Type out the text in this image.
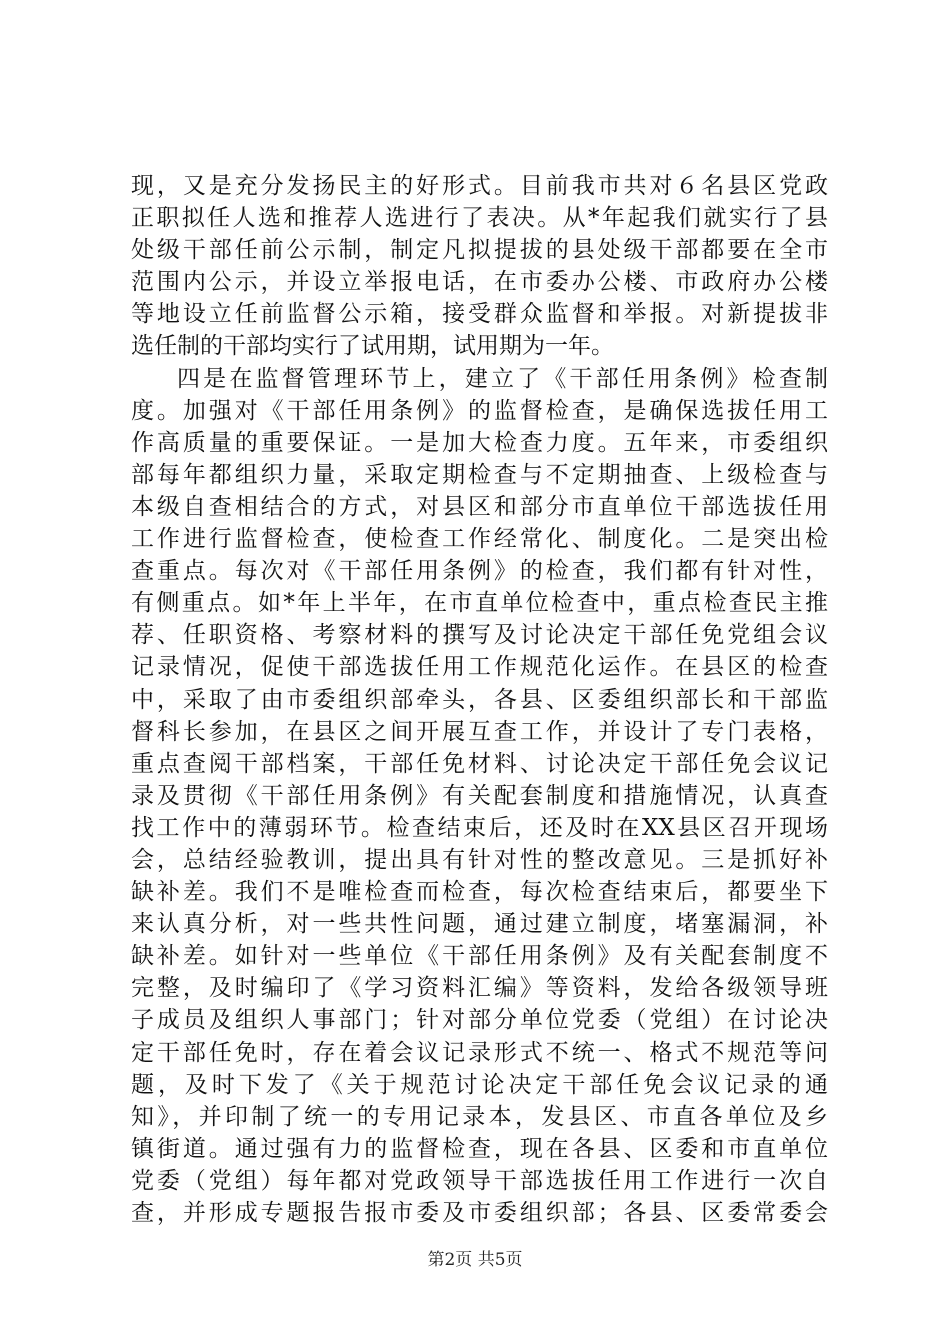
现，又是充分发扬民主的好形式。目前我市共对６名县区党政
正职拟任人选和推荐人选进行了表决。从*年起我们就实行了县
处级干部任前公示制，制定凡拟提拔的县处级干部都要在全市
范围内公示，并设立举报电话，在市委办公楼、市政府办公楼
等地设立任前监督公示箱，接受群众监督和举报。对新提拔非
选任制的干部均实行了试用期，试用期为一年。
四是在监督管理环节上，建立了《干部任用条例》检查制
度。加强对《干部任用条例》的监督检查，是确保选拔任用工
作高质量的重要保证。一是加大检查力度。五年来，市委组织
部每年都组织力量，采取定期检查与不定期抽查、上级检查与
本级自查相结合的方式，对县区和部分市直单位干部选拔任用
工作进行监督检查，使检查工作经常化、制度化。二是突出检
查重点。每次对《干部任用条例》的检查，我们都有针对性，
有侧重点。如*年上半年，在市直单位检查中，重点检查民主推
荐、任职资格、考察材料的撰写及讨论决定干部任免党组会议
记录情况，促使干部选拔任用工作规范化运作。在县区的检查
中，采取了由市委组织部牵头，各县、区委组织部长和干部监
督科长参加，在县区之间开展互查工作，并设计了专门表格，
重点查阅干部档案，干部任免材料、讨论决定干部任免会议记
录及贯彻《干部任用条例》有关配套制度和措施情况，认真查
找工作中的薄弱环节。检查结束后，还及时在XX县区召开现场
会，总结经验教训，提出具有针对性的整改意见。三是抓好补
缺补差。我们不是唯检查而检查，每次检查结束后，都要坐下
来认真分析，对一些共性问题，通过建立制度，堵塞漏洞，补
缺补差。如针对一些单位《干部任用条例》及有关配套制度不
完整，及时编印了《学习资料汇编》等资料，发给各级领导班
子成员及组织人事部门；针对部分单位党委（党组）在讨论决
定干部任免时，存在着会议记录形式不统一、格式不规范等问
题，及时下发了《关于规范讨论决定干部任免会议记录的通
知》，并印制了统一的专用记录本，发县区、市直各单位及乡
镇街道。通过强有力的监督检查，现在各县、区委和市直单位
党委（党组）每年都对党政领导干部选拔任用工作进行一次自
查，并形成专题报告报市委及市委组织部；各县、区委常委会
第2页 共5页
